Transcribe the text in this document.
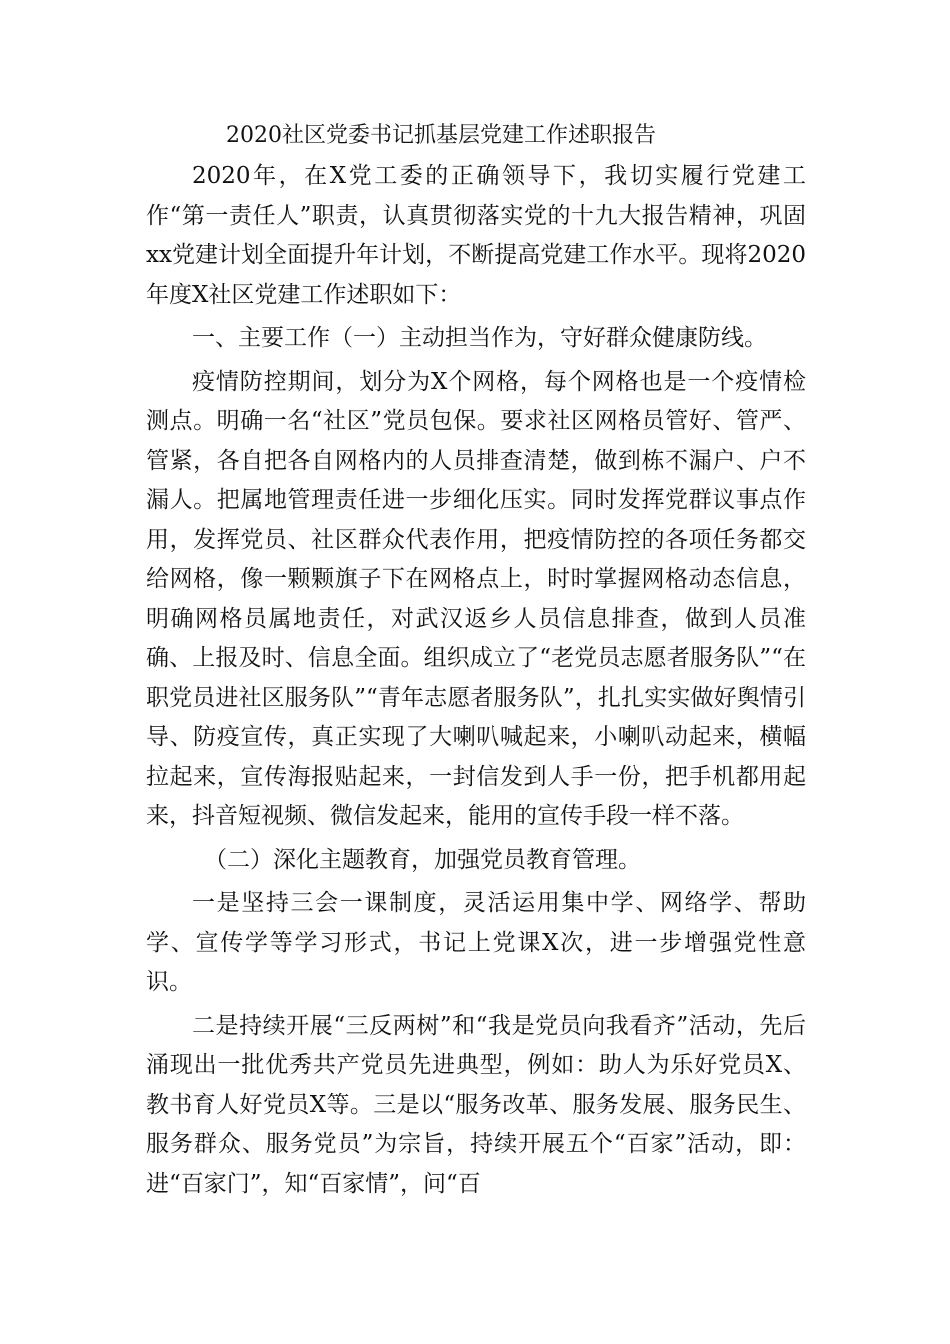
2020社区党委书记抓基层党建工作述职报告

2020年，在X党工委的正确领导下，我切实履行党建工作“第一责任人”职责，认真贯彻落实党的十九大报告精神，巩固xx党建计划全面提升年计划，不断提高党建工作水平。现将2020年度X社区党建工作述职如下：

一、主要工作（一）主动担当作为，守好群众健康防线。

疫情防控期间，划分为X个网格，每个网格也是一个疫情检测点。明确一名“社区”党员包保。要求社区网格员管好、管严、管紧，各自把各自网格内的人员排查清楚，做到栋不漏户、户不漏人。把属地管理责任进一步细化压实。同时发挥党群议事点作用，发挥党员、社区群众代表作用，把疫情防控的各项任务都交给网格，像一颗颗旗子下在网格点上，时时掌握网格动态信息，明确网格员属地责任，对武汉返乡人员信息排查，做到人员准确、上报及时、信息全面。组织成立了“老党员志愿者服务队”“在职党员进社区服务队”“青年志愿者服务队”，扎扎实实做好舆情引导、防疫宣传，真正实现了大喇叭喊起来，小喇叭动起来，横幅拉起来，宣传海报贴起来，一封信发到人手一份，把手机都用起来，抖音短视频、微信发起来，能用的宣传手段一样不落。

（二）深化主题教育，加强党员教育管理。

一是坚持三会一课制度，灵活运用集中学、网络学、帮助学、宣传学等学习形式，书记上党课X次，进一步增强党性意识。

二是持续开展“三反两树”和“我是党员向我看齐”活动，先后涌现出一批优秀共产党员先进典型，例如：助人为乐好党员X、教书育人好党员X等。三是以“服务改革、服务发展、服务民生、服务群众、服务党员”为宗旨，持续开展五个“百家”活动，即：进“百家门”，知“百家情”，问“百
